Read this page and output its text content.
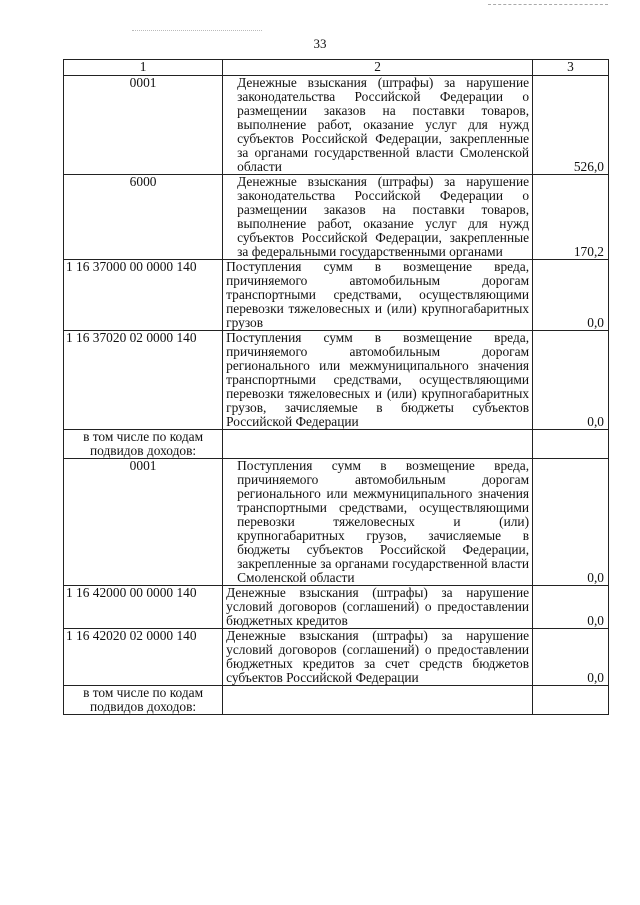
33
1	2	3
0001	Денежные взыскания (штрафы) за нарушение законодательства Российской Федерации о размещении заказов на поставки товаров, выполнение работ, оказание услуг для нужд субъектов Российской Федерации, закрепленные за органами государственной власти Смоленской области	526,0
6000	Денежные взыскания (штрафы) за нарушение законодательства Российской Федерации о размещении заказов на поставки товаров, выполнение работ, оказание услуг для нужд субъектов Российской Федерации, закрепленные за федеральными государственными органами	170,2
1 16 37000 00 0000 140	Поступления сумм в возмещение вреда, причиняемого автомобильным дорогам транспортными средствами, осуществляющими перевозки тяжеловесных и (или) крупногабаритных грузов	0,0
1 16 37020 02 0000 140	Поступления сумм в возмещение вреда, причиняемого автомобильным дорогам регионального или межмуниципального значения транспортными средствами, осуществляющими перевозки тяжеловесных и (или) крупногабаритных грузов, зачисляемые в бюджеты субъектов Российской Федерации	0,0
в том числе по кодам подвидов доходов:		
0001	Поступления сумм в возмещение вреда, причиняемого автомобильным дорогам регионального или межмуниципального значения транспортными средствами, осуществляющими перевозки тяжеловесных и (или) крупногабаритных грузов, зачисляемые в бюджеты субъектов Российской Федерации, закрепленные за органами государственной власти Смоленской области	0,0
1 16 42000 00 0000 140	Денежные взыскания (штрафы) за нарушение условий договоров (соглашений) о предоставлении бюджетных кредитов	0,0
1 16 42020 02 0000 140	Денежные взыскания (штрафы) за нарушение условий договоров (соглашений) о предоставлении бюджетных кредитов за счет средств бюджетов субъектов Российской Федерации	0,0
в том числе по кодам подвидов доходов:		
